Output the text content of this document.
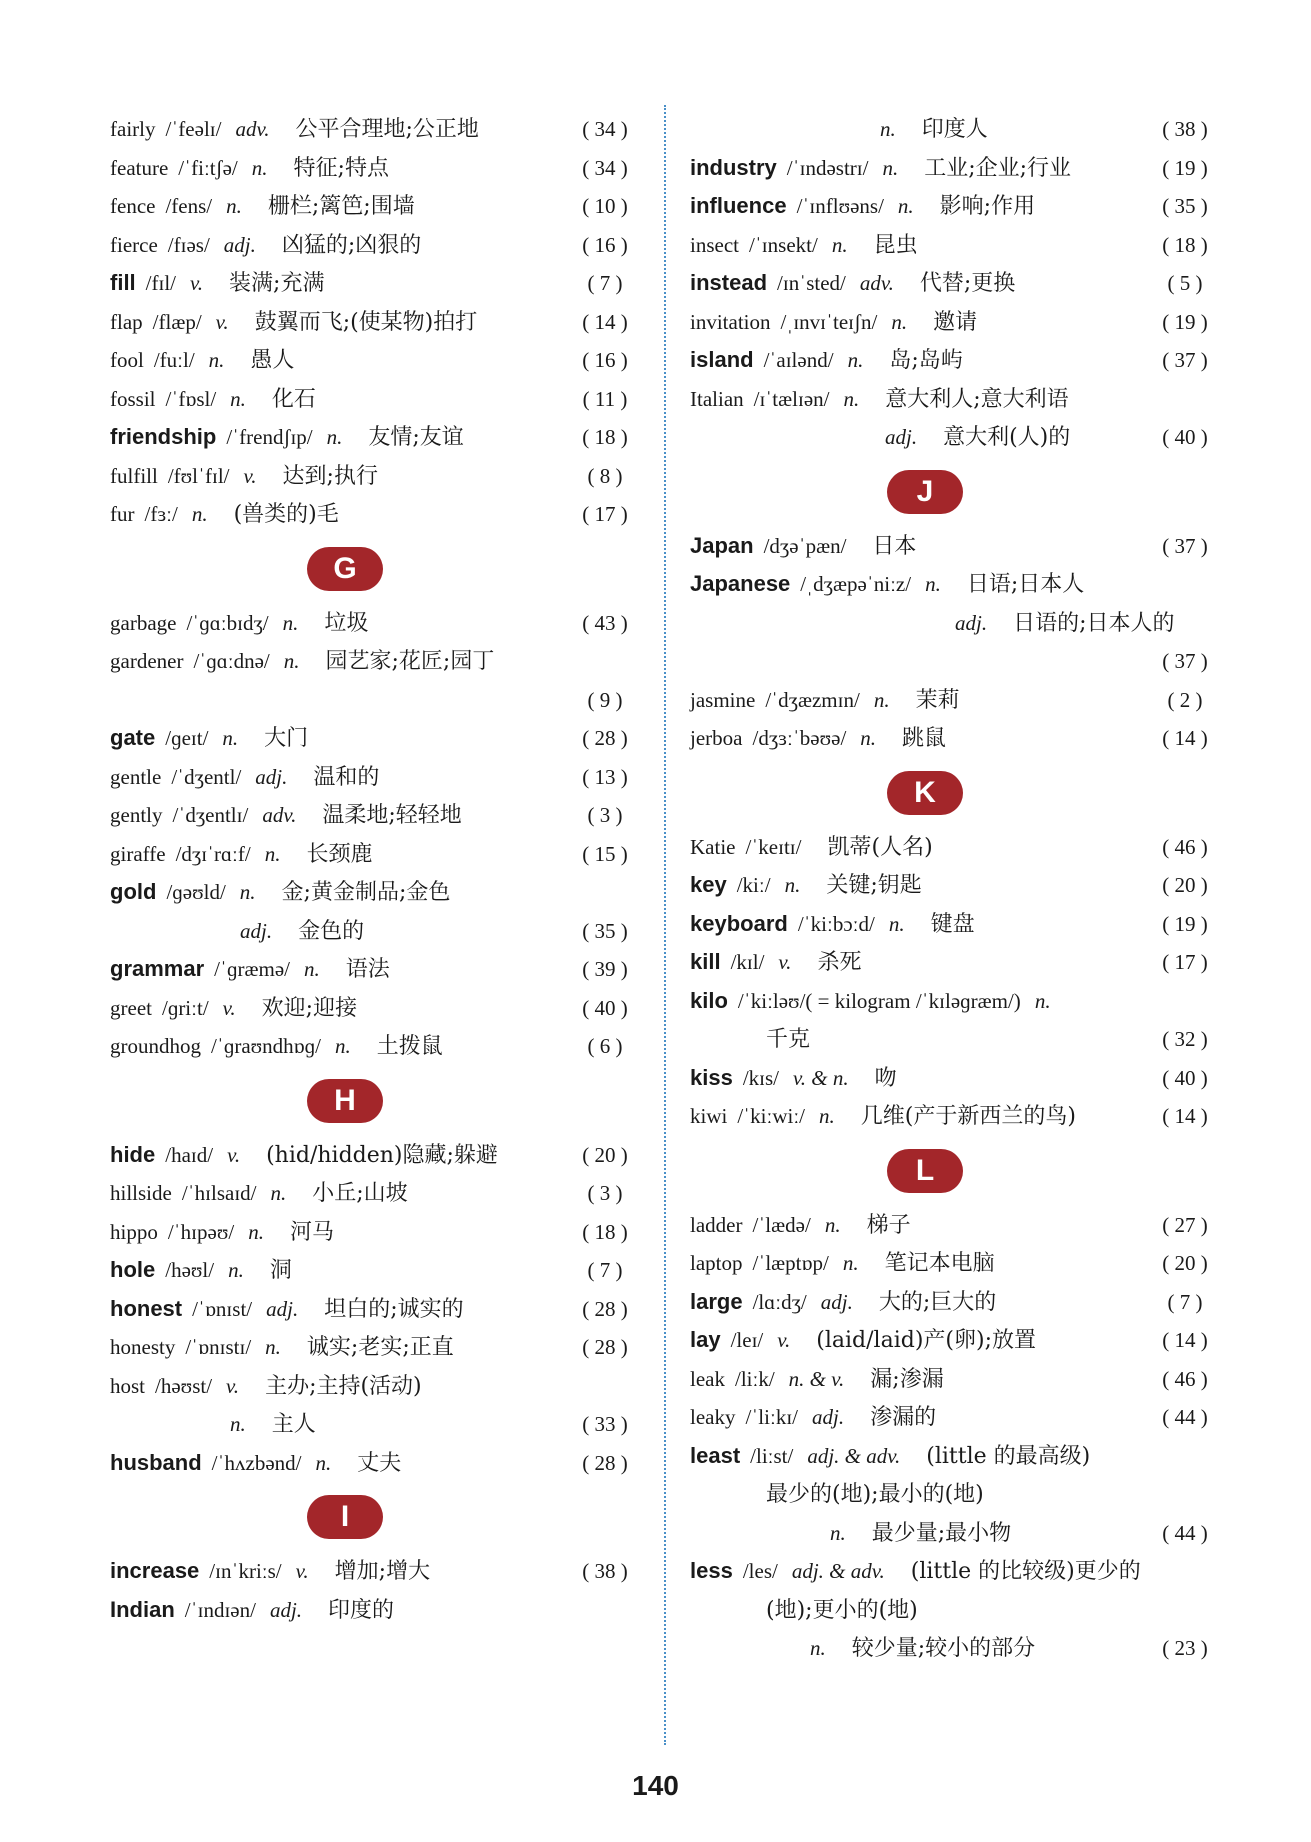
fairly /ˈfeəlɪ/ adv. 公平合理地;公正地	( 34 )
feature /ˈfiːtʃə/ n. 特征;特点	( 34 )
fence /fens/ n. 栅栏;篱笆;围墙	( 10 )
fierce /fɪəs/ adj. 凶猛的;凶狠的	( 16 )
fill /fɪl/ v. 装满;充满	( 7 )
flap /flæp/ v. 鼓翼而飞;(使某物)拍打	( 14 )
fool /fuːl/ n. 愚人	( 16 )
fossil /ˈfɒsl/ n. 化石	( 11 )
friendship /ˈfrendʃɪp/ n. 友情;友谊	( 18 )
fulfill /fʊlˈfɪl/ v. 达到;执行	( 8 )
fur /fɜː/ n. (兽类的)毛	( 17 )
G
garbage /ˈɡɑːbɪdʒ/ n. 垃圾	( 43 )
gardener /ˈɡɑːdnə/ n. 园艺家;花匠;园丁
( 9 )
gate /ɡeɪt/ n. 大门	( 28 )
gentle /ˈdʒentl/ adj. 温和的	( 13 )
gently /ˈdʒentlɪ/ adv. 温柔地;轻轻地	( 3 )
giraffe /dʒɪˈrɑːf/ n. 长颈鹿	( 15 )
gold /ɡəʊld/ n. 金;黄金制品;金色
adj. 金色的	( 35 )
grammar /ˈɡræmə/ n. 语法	( 39 )
greet /ɡriːt/ v. 欢迎;迎接	( 40 )
groundhog /ˈɡraʊndhɒɡ/ n. 土拨鼠	( 6 )
H
hide /haɪd/ v. (hid/hidden)隐藏;躲避	( 20 )
hillside /ˈhɪlsaɪd/ n. 小丘;山坡	( 3 )
hippo /ˈhɪpəʊ/ n. 河马	( 18 )
hole /həʊl/ n. 洞	( 7 )
honest /ˈɒnɪst/ adj. 坦白的;诚实的	( 28 )
honesty /ˈɒnɪstɪ/ n. 诚实;老实;正直	( 28 )
host /həʊst/ v. 主办;主持(活动)
n. 主人	( 33 )
husband /ˈhʌzbənd/ n. 丈夫	( 28 )
I
increase /ɪnˈkriːs/ v. 增加;增大	( 38 )
Indian /ˈɪndɪən/ adj. 印度的
n. 印度人	( 38 )
industry /ˈɪndəstrɪ/ n. 工业;企业;行业	( 19 )
influence /ˈɪnflʊəns/ n. 影响;作用	( 35 )
insect /ˈɪnsekt/ n. 昆虫	( 18 )
instead /ɪnˈsted/ adv. 代替;更换	( 5 )
invitation /ˌɪnvɪˈteɪʃn/ n. 邀请	( 19 )
island /ˈaɪlənd/ n. 岛;岛屿	( 37 )
Italian /ɪˈtælɪən/ n. 意大利人;意大利语
adj. 意大利(人)的	( 40 )
J
Japan /dʒəˈpæn/ 日本	( 37 )
Japanese /ˌdʒæpəˈniːz/ n. 日语;日本人
adj. 日语的;日本人的
( 37 )
jasmine /ˈdʒæzmɪn/ n. 茉莉	( 2 )
jerboa /dʒɜːˈbəʊə/ n. 跳鼠	( 14 )
K
Katie /ˈkeɪtɪ/ 凯蒂(人名)	( 46 )
key /kiː/ n. 关键;钥匙	( 20 )
keyboard /ˈkiːbɔːd/ n. 键盘	( 19 )
kill /kɪl/ v. 杀死	( 17 )
kilo /ˈkiːləʊ/( = kilogram /ˈkɪləɡræm/) n.
千克	( 32 )
kiss /kɪs/ v. & n. 吻	( 40 )
kiwi /ˈkiːwiː/ n. 几维(产于新西兰的鸟)	( 14 )
L
ladder /ˈlædə/ n. 梯子	( 27 )
laptop /ˈlæptɒp/ n. 笔记本电脑	( 20 )
large /lɑːdʒ/ adj. 大的;巨大的	( 7 )
lay /leɪ/ v. (laid/laid)产(卵);放置	( 14 )
leak /liːk/ n. & v. 漏;渗漏	( 46 )
leaky /ˈliːkɪ/ adj. 渗漏的	( 44 )
least /liːst/ adj. & adv. (little 的最高级)
最少的(地);最小的(地)
n. 最少量;最小物	( 44 )
less /les/ adj. & adv. (little 的比较级)更少的
(地);更小的(地)
n. 较少量;较小的部分	( 23 )
140
